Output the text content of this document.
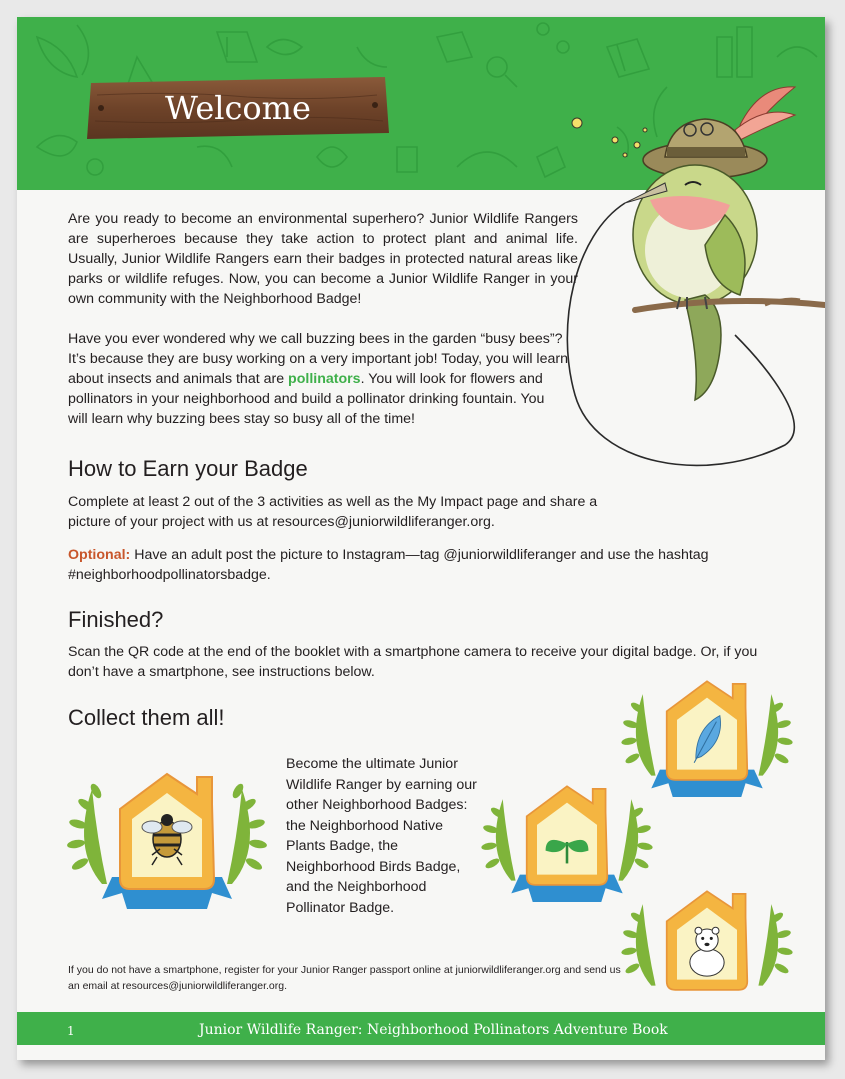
Welcome

Are you ready to become an environmental superhero? Junior Wildlife Rangers are superheroes because they take action to protect plant and animal life. Usually, Junior Wildlife Rangers earn their badges in protected natural areas like parks or wildlife refuges. Now, you can become a Junior Wildlife Ranger in your own community with the Neighborhood Badge!

Have you ever wondered why we call buzzing bees in the garden “busy bees”? It’s because they are busy working on a very important job! Today, you will learn about insects and animals that are pollinators. You will look for flowers and pollinators in your neighborhood and build a pollinator drinking fountain. You will learn why buzzing bees stay so busy all of the time!

How to Earn your Badge

Complete at least 2 out of the 3 activities as well as the My Impact page and share a picture of your project with us at resources@juniorwildliferanger.org.

Optional: Have an adult post the picture to Instagram—tag @juniorwildliferanger and use the hashtag #neighborhoodpollinatorsbadge.

Finished?

Scan the QR code at the end of the booklet with a smartphone camera to receive your digital badge. Or, if you don’t have a smartphone, see instructions below.

Collect them all!

Become the ultimate Junior Wildlife Ranger by earning our other Neighborhood Badges: the Neighborhood Native Plants Badge, the Neighborhood Birds Badge, and the Neighborhood Pollinator Badge.

If you do not have a smartphone, register for your Junior Ranger passport online at juniorwildliferanger.org and send us an email at resources@juniorwildliferanger.org.

1	Junior Wildlife Ranger: Neighborhood Pollinators Adventure Book
